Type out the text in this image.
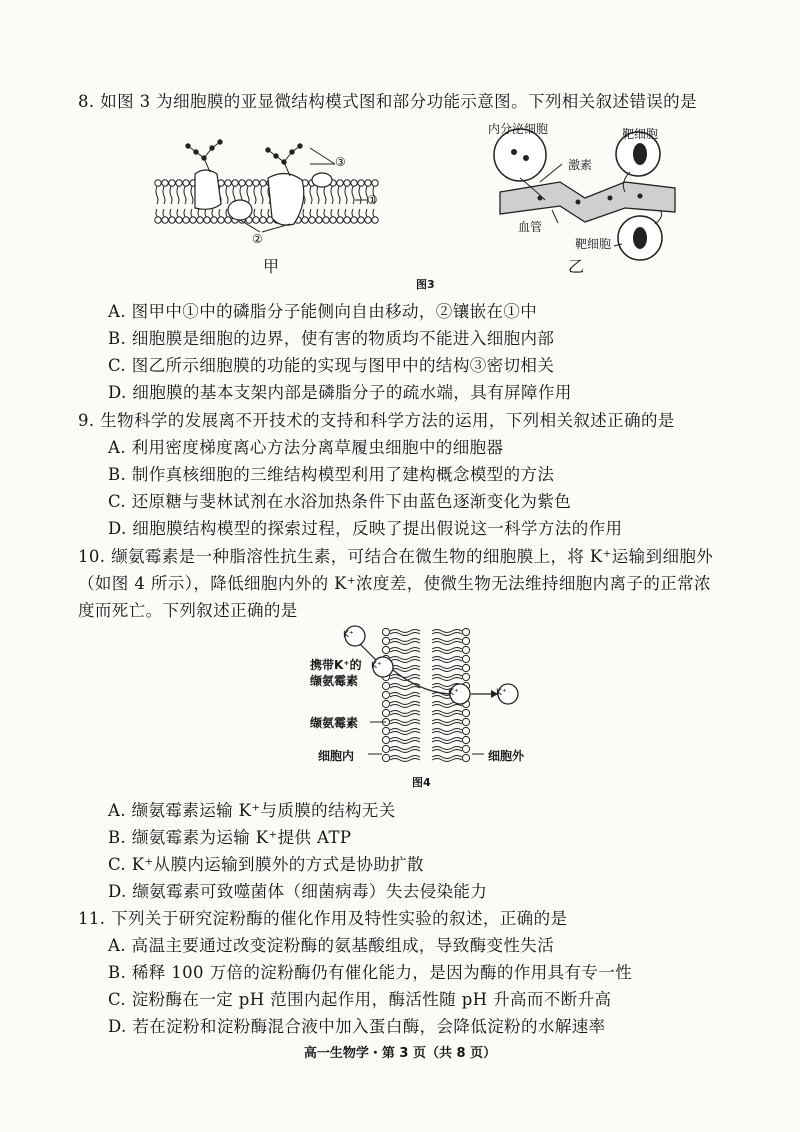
8. 如图 3 为细胞膜的亚显微结构模式图和部分功能示意图。下列相关叙述错误的是
③
①
②
甲
内分泌细胞	靶细胞
激素
血管
靶细胞
乙
图3
A. 图甲中①中的磷脂分子能侧向自由移动，②镶嵌在①中
B. 细胞膜是细胞的边界，使有害的物质均不能进入细胞内部
C. 图乙所示细胞膜的功能的实现与图甲中的结构③密切相关
D. 细胞膜的基本支架内部是磷脂分子的疏水端，具有屏障作用
9. 生物科学的发展离不开技术的支持和科学方法的运用，下列相关叙述正确的是
A. 利用密度梯度离心方法分离草履虫细胞中的细胞器
B. 制作真核细胞的三维结构模型利用了建构概念模型的方法
C. 还原糖与斐林试剂在水浴加热条件下由蓝色逐渐变化为紫色
D. 细胞膜结构模型的探索过程，反映了提出假说这一科学方法的作用
10. 缬氨霉素是一种脂溶性抗生素，可结合在微生物的细胞膜上，将 K⁺运输到细胞外
（如图 4 所示），降低细胞内外的 K⁺浓度差，使微生物无法维持细胞内离子的正常浓
度而死亡。下列叙述正确的是
K⁺
K⁺
K⁺	K⁺
携带K⁺的
缬氨霉素
缬氨霉素
细胞内	细胞外
图4
A. 缬氨霉素运输 K⁺与质膜的结构无关
B. 缬氨霉素为运输 K⁺提供 ATP
C. K⁺从膜内运输到膜外的方式是协助扩散
D. 缬氨霉素可致噬菌体（细菌病毒）失去侵染能力
11. 下列关于研究淀粉酶的催化作用及特性实验的叙述，正确的是
A. 高温主要通过改变淀粉酶的氨基酸组成，导致酶变性失活
B. 稀释 100 万倍的淀粉酶仍有催化能力，是因为酶的作用具有专一性
C. 淀粉酶在一定 pH 范围内起作用，酶活性随 pH 升高而不断升高
D. 若在淀粉和淀粉酶混合液中加入蛋白酶，会降低淀粉的水解速率
高一生物学・第 3 页（共 8 页）
